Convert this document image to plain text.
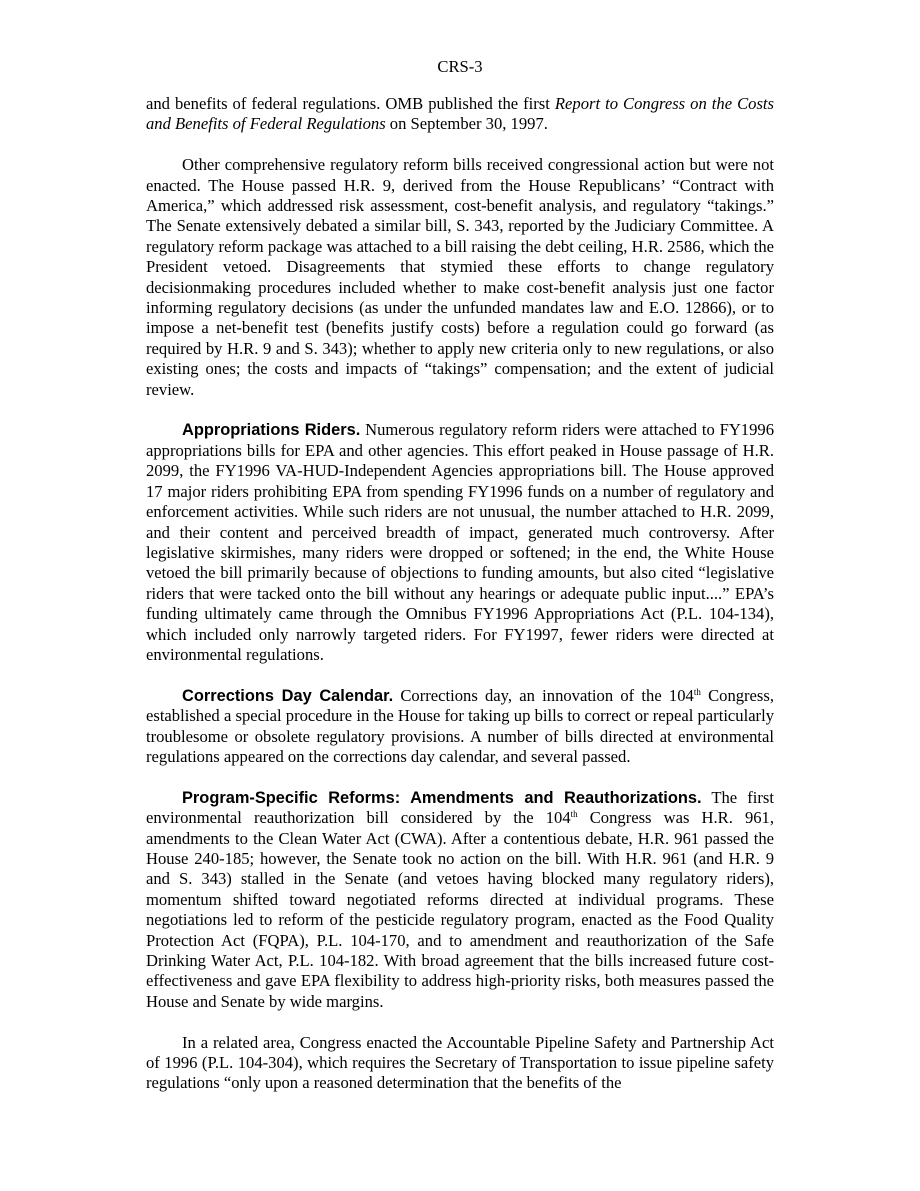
CRS-3

and benefits of federal regulations. OMB published the first Report to Congress on the Costs and Benefits of Federal Regulations on September 30, 1997.

Other comprehensive regulatory reform bills received congressional action but were not enacted. The House passed H.R. 9, derived from the House Republicans’ “Contract with America,” which addressed risk assessment, cost-benefit analysis, and regulatory “takings.” The Senate extensively debated a similar bill, S. 343, reported by the Judiciary Committee. A regulatory reform package was attached to a bill raising the debt ceiling, H.R. 2586, which the President vetoed. Disagreements that stymied these efforts to change regulatory decisionmaking procedures included whether to make cost-benefit analysis just one factor informing regulatory decisions (as under the unfunded mandates law and E.O. 12866), or to impose a net-benefit test (benefits justify costs) before a regulation could go forward (as required by H.R. 9 and S. 343); whether to apply new criteria only to new regulations, or also existing ones; the costs and impacts of “takings” compensation; and the extent of judicial review.

Appropriations Riders. Numerous regulatory reform riders were attached to FY1996 appropriations bills for EPA and other agencies. This effort peaked in House passage of H.R. 2099, the FY1996 VA-HUD-Independent Agencies appropriations bill. The House approved 17 major riders prohibiting EPA from spending FY1996 funds on a number of regulatory and enforcement activities. While such riders are not unusual, the number attached to H.R. 2099, and their content and perceived breadth of impact, generated much controversy. After legislative skirmishes, many riders were dropped or softened; in the end, the White House vetoed the bill primarily because of objections to funding amounts, but also cited “legislative riders that were tacked onto the bill without any hearings or adequate public input....” EPA’s funding ultimately came through the Omnibus FY1996 Appropriations Act (P.L. 104-134), which included only narrowly targeted riders. For FY1997, fewer riders were directed at environmental regulations.

Corrections Day Calendar. Corrections day, an innovation of the 104th Congress, established a special procedure in the House for taking up bills to correct or repeal particularly troublesome or obsolete regulatory provisions. A number of bills directed at environmental regulations appeared on the corrections day calendar, and several passed.

Program-Specific Reforms: Amendments and Reauthorizations. The first environmental reauthorization bill considered by the 104th Congress was H.R. 961, amendments to the Clean Water Act (CWA). After a contentious debate, H.R. 961 passed the House 240-185; however, the Senate took no action on the bill. With H.R. 961 (and H.R. 9 and S. 343) stalled in the Senate (and vetoes having blocked many regulatory riders), momentum shifted toward negotiated reforms directed at individual programs. These negotiations led to reform of the pesticide regulatory program, enacted as the Food Quality Protection Act (FQPA), P.L. 104-170, and to amendment and reauthorization of the Safe Drinking Water Act, P.L. 104-182. With broad agreement that the bills increased future cost-effectiveness and gave EPA flexibility to address high-priority risks, both measures passed the House and Senate by wide margins.

In a related area, Congress enacted the Accountable Pipeline Safety and Partnership Act of 1996 (P.L. 104-304), which requires the Secretary of Transportation to issue pipeline safety regulations “only upon a reasoned determination that the benefits of the
